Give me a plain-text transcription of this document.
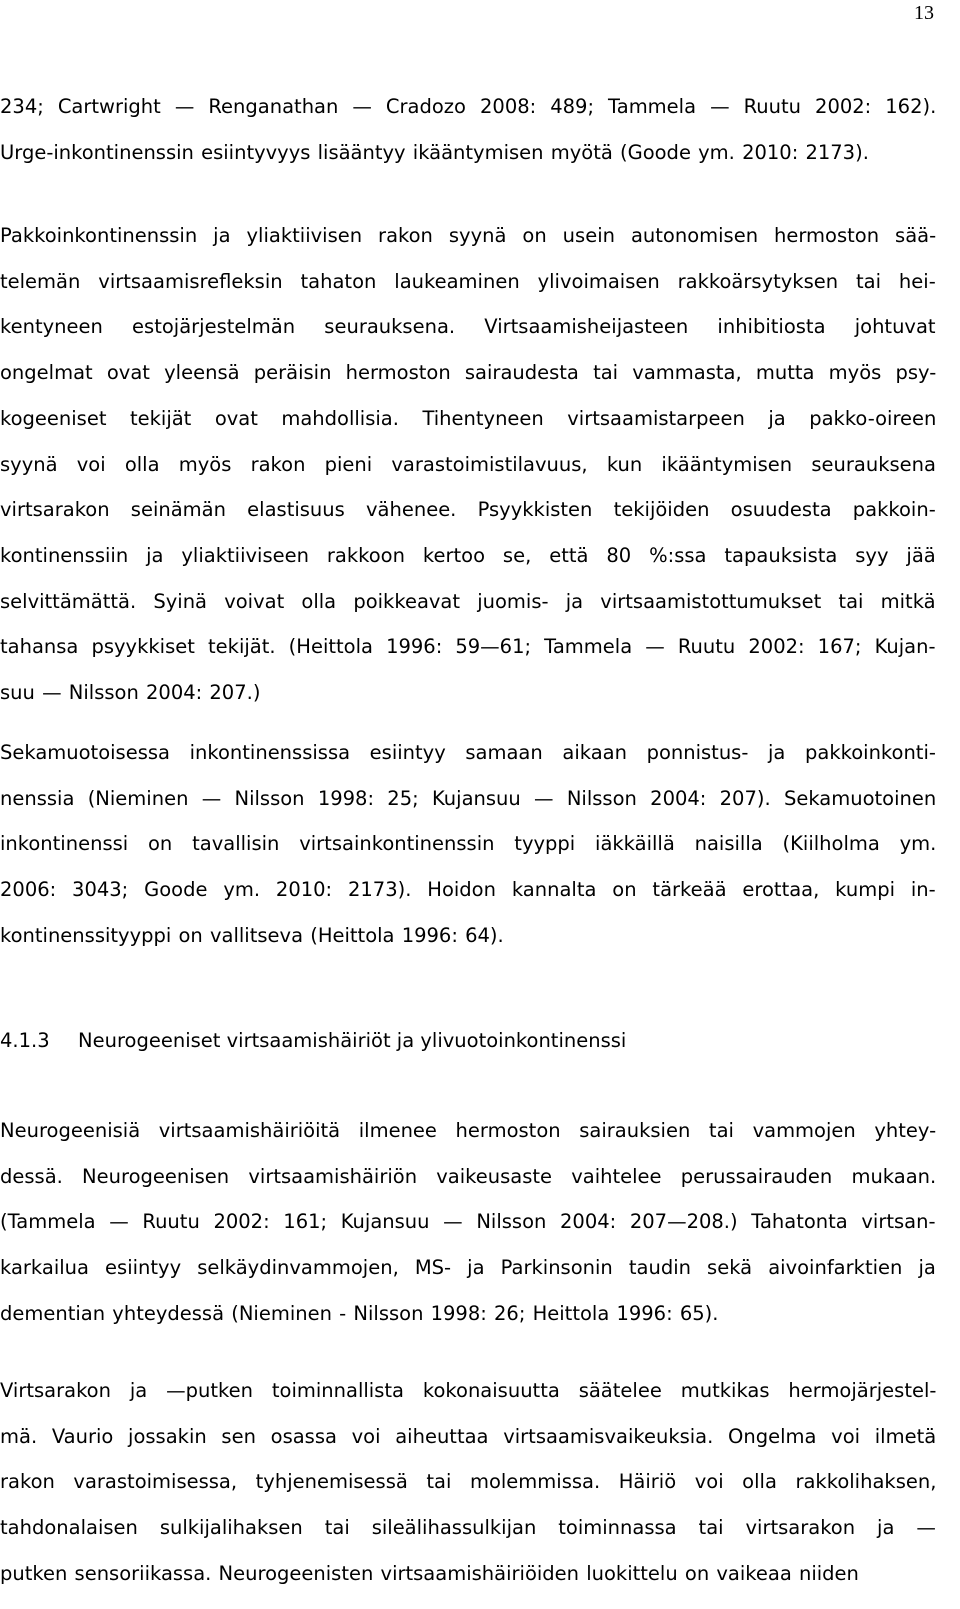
13
234; Cartwright — Renganathan — Cradozo 2008: 489; Tammela — Ruutu 2002: 162).
Urge-inkontinenssin esiintyvyys lisääntyy ikääntymisen myötä (Goode ym. 2010: 2173).
Pakkoinkontinenssin ja yliaktiivisen rakon syynä on usein autonomisen hermoston sää-
telemän virtsaamisrefleksin tahaton laukeaminen ylivoimaisen rakkoärsytyksen tai hei-
kentyneen estojärjestelmän seurauksena. Virtsaamisheijasteen inhibitiosta johtuvat
ongelmat ovat yleensä peräisin hermoston sairaudesta tai vammasta, mutta myös psy-
kogeeniset tekijät ovat mahdollisia. Tihentyneen virtsaamistarpeen ja pakko-oireen
syynä voi olla myös rakon pieni varastoimistilavuus, kun ikääntymisen seurauksena
virtsarakon seinämän elastisuus vähenee. Psyykkisten tekijöiden osuudesta pakkoin-
kontinenssiin ja yliaktiiviseen rakkoon kertoo se, että 80 %:ssa tapauksista syy jää
selvittämättä. Syinä voivat olla poikkeavat juomis- ja virtsaamistottumukset tai mitkä
tahansa psyykkiset tekijät. (Heittola 1996: 59—61; Tammela — Ruutu 2002: 167; Kujan-
suu — Nilsson 2004: 207.)
Sekamuotoisessa inkontinenssissa esiintyy samaan aikaan ponnistus- ja pakkoinkonti-
nenssia (Nieminen — Nilsson 1998: 25; Kujansuu — Nilsson 2004: 207). Sekamuotoinen
inkontinenssi on tavallisin virtsainkontinenssin tyyppi iäkkäillä naisilla (Kiilholma ym.
2006: 3043; Goode ym. 2010: 2173). Hoidon kannalta on tärkeää erottaa, kumpi in-
kontinenssityyppi on vallitseva (Heittola 1996: 64).
4.1.3 Neurogeeniset virtsaamishäiriöt ja ylivuotoinkontinenssi
Neurogeenisiä virtsaamishäiriöitä ilmenee hermoston sairauksien tai vammojen yhtey-
dessä. Neurogeenisen virtsaamishäiriön vaikeusaste vaihtelee perussairauden mukaan.
(Tammela — Ruutu 2002: 161; Kujansuu — Nilsson 2004: 207—208.) Tahatonta virtsan-
karkailua esiintyy selkäydinvammojen, MS- ja Parkinsonin taudin sekä aivoinfarktien ja
dementian yhteydessä (Nieminen - Nilsson 1998: 26; Heittola 1996: 65).
Virtsarakon ja —putken toiminnallista kokonaisuutta säätelee mutkikas hermojärjestel-
mä. Vaurio jossakin sen osassa voi aiheuttaa virtsaamisvaikeuksia. Ongelma voi ilmetä
rakon varastoimisessa, tyhjenemisessä tai molemmissa. Häiriö voi olla rakkolihaksen,
tahdonalaisen sulkijalihaksen tai sileälihassulkijan toiminnassa tai virtsarakon ja —
putken sensoriikassa. Neurogeenisten virtsaamishäiriöiden luokittelu on vaikeaa niiden
